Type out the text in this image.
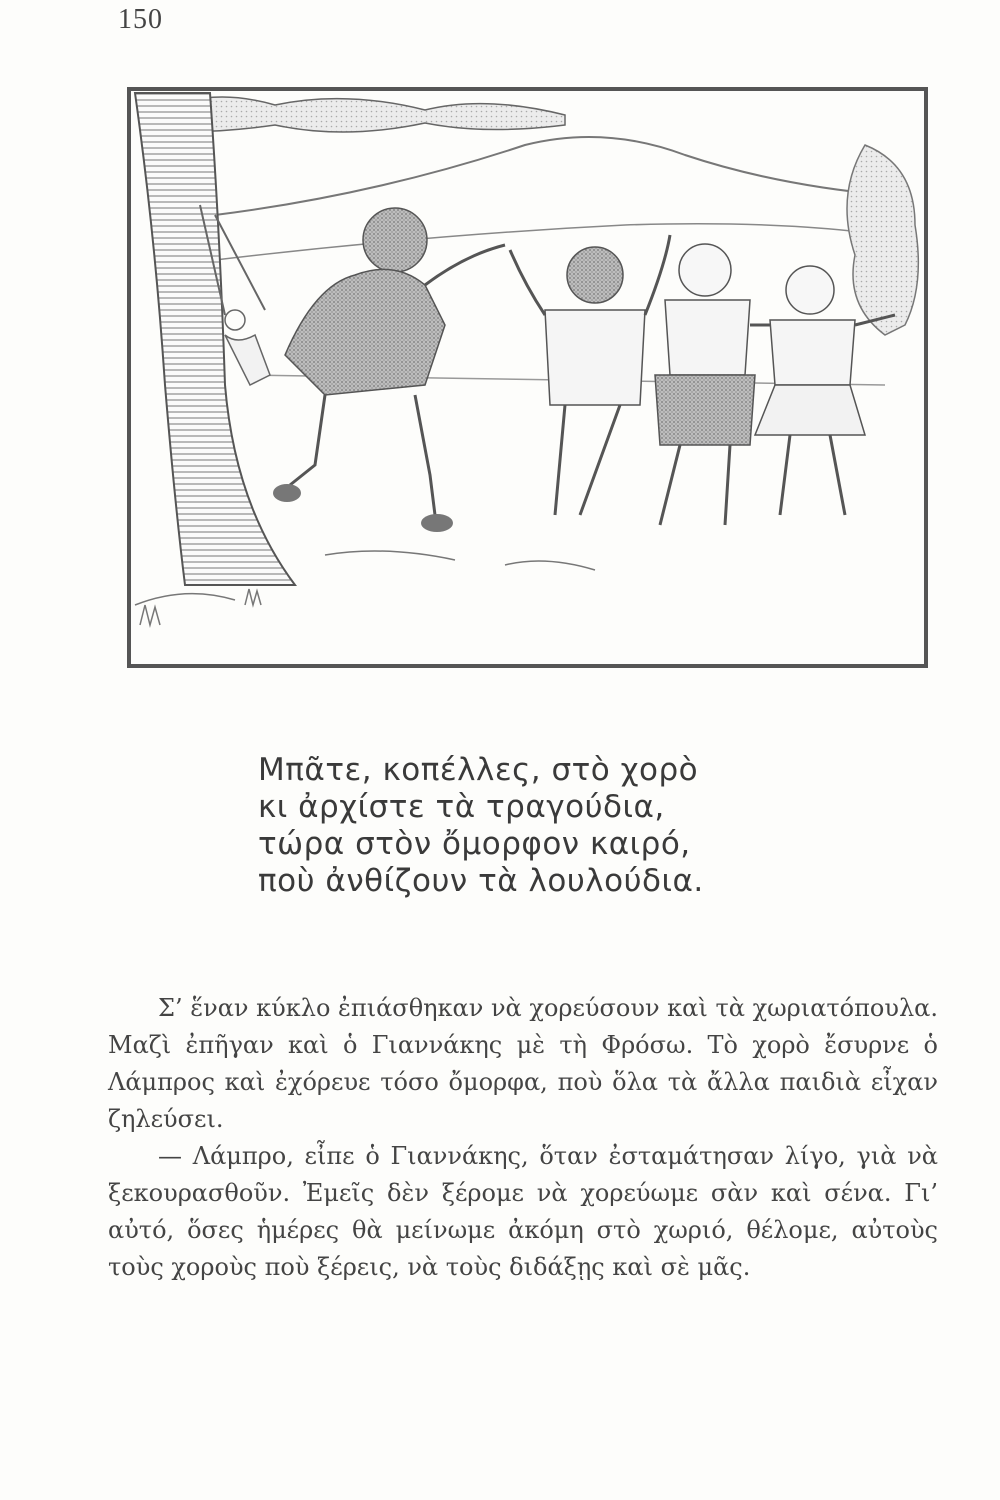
150
Μπᾶτε, κοπέλλες, στὸ χορὸ
κι ἀρχίστε τὰ τραγούδια,
τώρα στὸν ὄμορφον καιρό,
ποὺ ἀνθίζουν τὰ λουλούδια.

Σ’ ἕναν κύκλο ἐπιάσθηκαν νὰ χορεύσουν καὶ τὰ χωριατόπουλα. Μαζὶ ἐπῆγαν καὶ ὁ Γιαννάκης μὲ τὴ Φρόσω. Τὸ χορὸ ἔσυρνε ὁ Λάμπρος καὶ ἐχόρευε τόσο ὄμορφα, ποὺ ὅλα τὰ ἄλλα παιδιὰ εἶχαν ζηλεύσει.

— Λάμπρο, εἶπε ὁ Γιαννάκης, ὅταν ἐσταμάτησαν λίγο, γιὰ νὰ ξεκουρασθοῦν. Ἐμεῖς δὲν ξέρομε νὰ χορεύωμε σὰν καὶ σένα. Γι’ αὐτό, ὅσες ἡμέρες θὰ μείνωμε ἀκόμη στὸ χωριό, θέλομε, αὐτοὺς τοὺς χοροὺς ποὺ ξέρεις, νὰ τοὺς διδάξῃς καὶ σὲ μᾶς.
